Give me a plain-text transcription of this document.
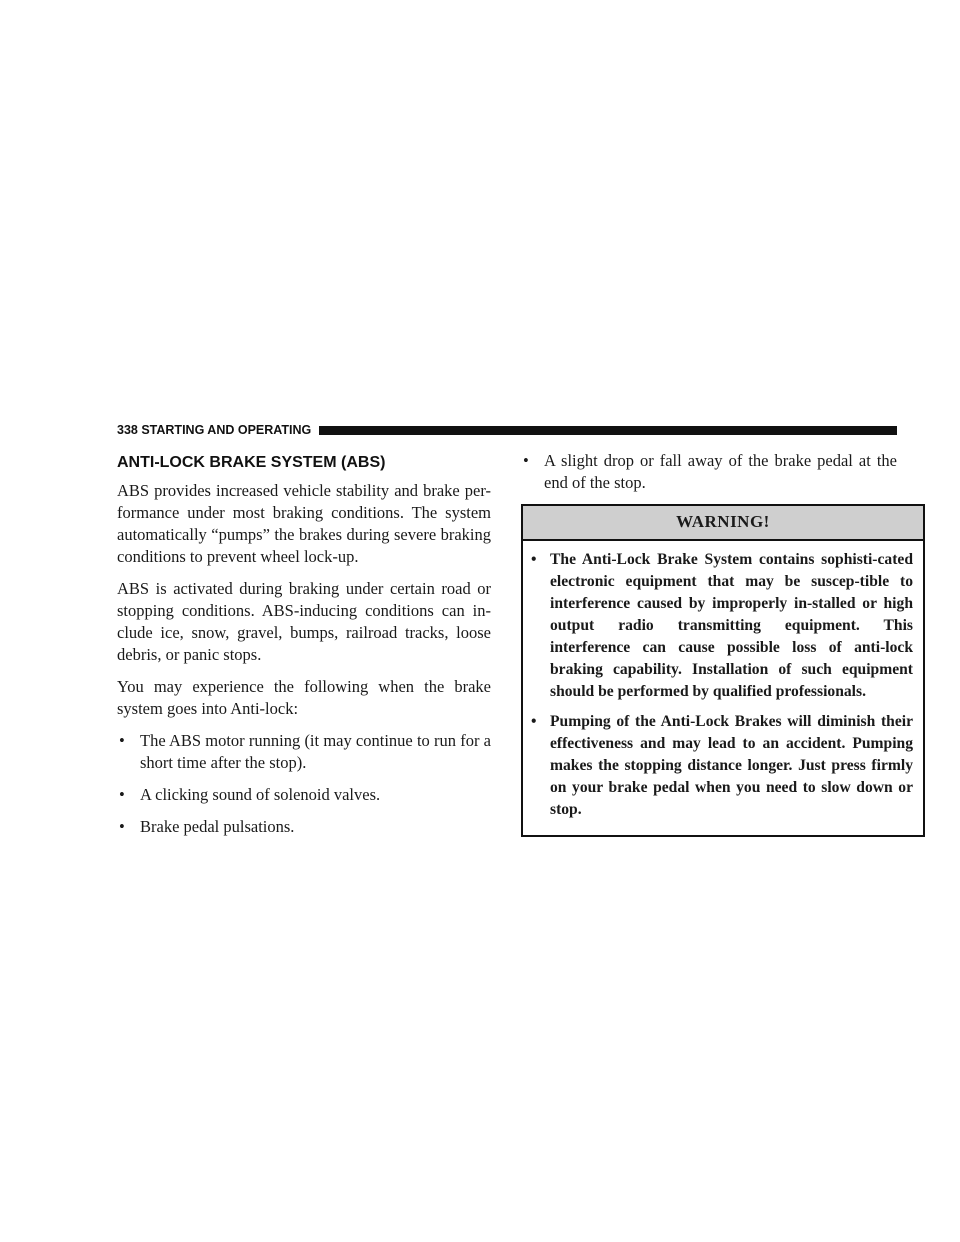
338 STARTING AND OPERATING
ANTI-LOCK BRAKE SYSTEM (ABS)

ABS provides increased vehicle stability and brake per-formance under most braking conditions. The system automatically “pumps” the brakes during severe braking conditions to prevent wheel lock-up.

ABS is activated during braking under certain road or stopping conditions. ABS-inducing conditions can in-clude ice, snow, gravel, bumps, railroad tracks, loose debris, or panic stops.

You may experience the following when the brake system goes into Anti-lock:

• The ABS motor running (it may continue to run for a short time after the stop).
• A clicking sound of solenoid valves.
• Brake pedal pulsations.
• A slight drop or fall away of the brake pedal at the end of the stop.
WARNING!
• The Anti-Lock Brake System contains sophisti-cated electronic equipment that may be suscep-tible to interference caused by improperly in-stalled or high output radio transmitting equipment. This interference can cause possible loss of anti-lock braking capability. Installation of such equipment should be performed by qualified professionals.
• Pumping of the Anti-Lock Brakes will diminish their effectiveness and may lead to an accident. Pumping makes the stopping distance longer. Just press firmly on your brake pedal when you need to slow down or stop.
